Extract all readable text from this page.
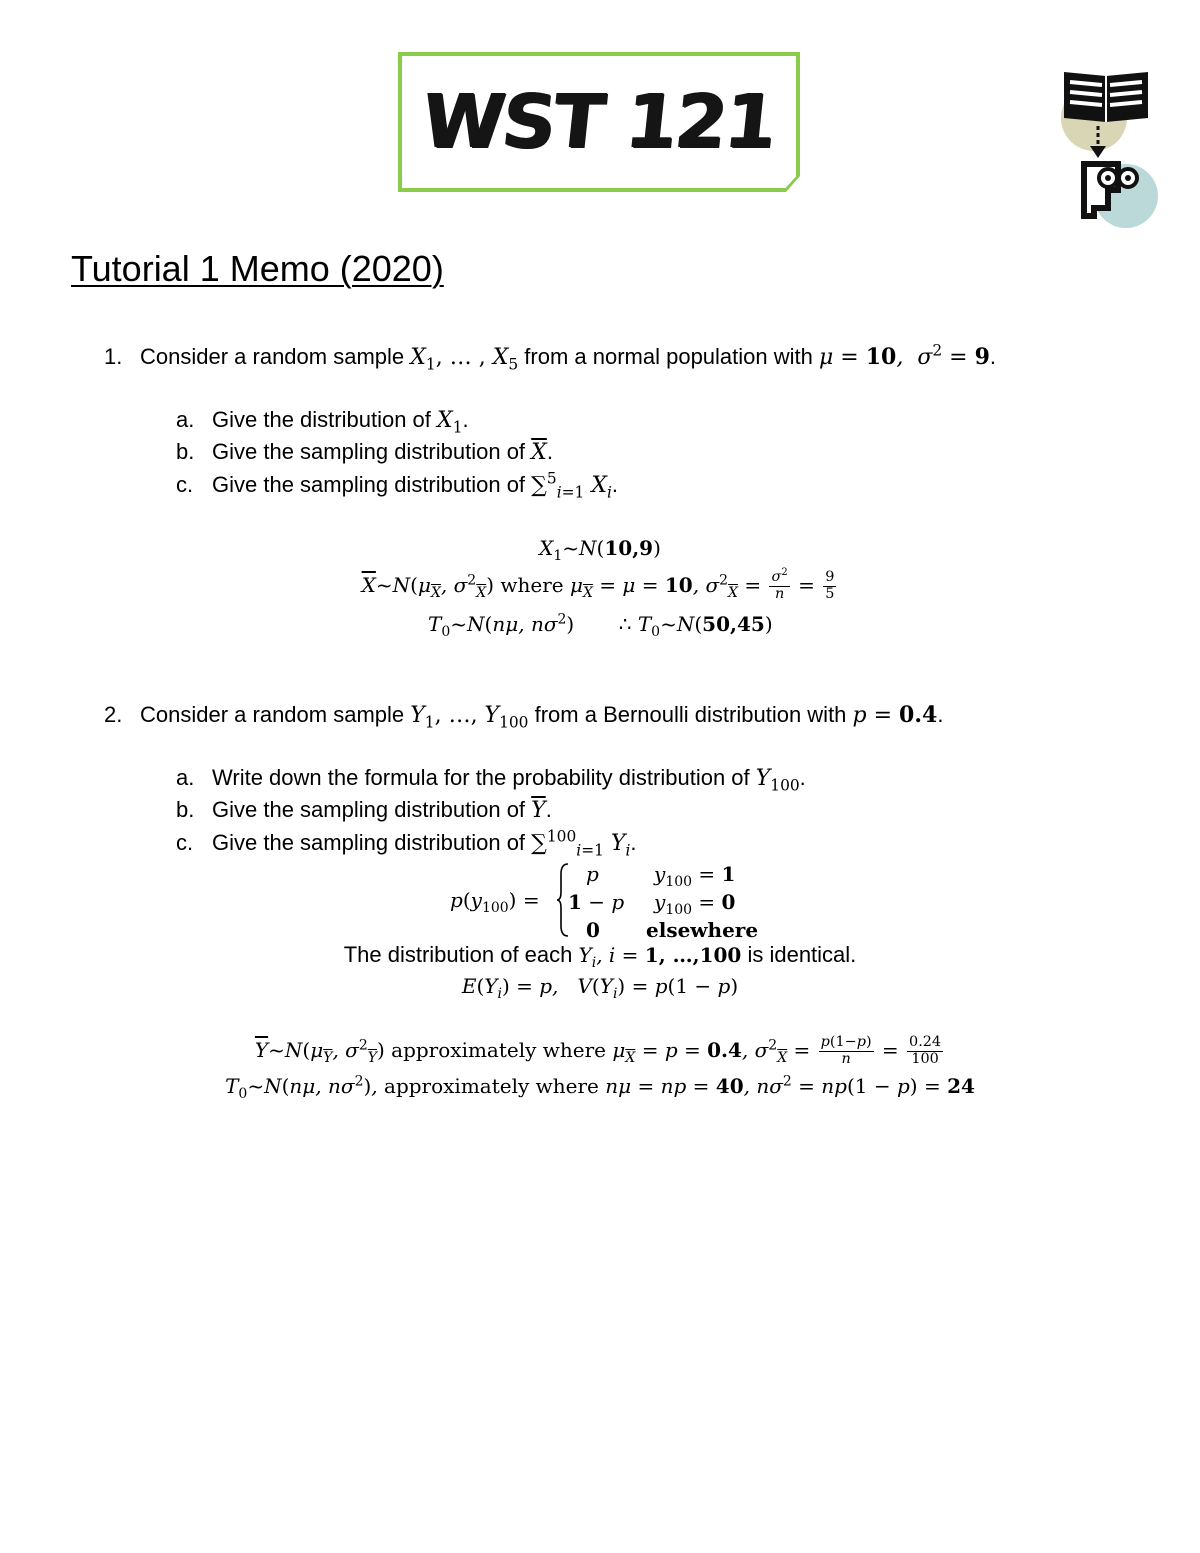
WST 121
Tutorial 1 Memo (2020)
1. Consider a random sample $X_1$, … , $X_5$ from a normal population with μ = 10,  $\sigma^2 = 9$.
a. Give the distribution of $X_1$.
b. Give the sampling distribution of $\overline{X}$.
c. Give the sampling distribution of ∑$^5_{i=1}$ $X_i$.
$X_1\sim N(10,9)$
$\overline{X}\sim N(\mu_{\overline{X}}$, $\sigma^2_{\overline{X}}$) where $\mu_{\overline{X}} = \mu = 10$, $\sigma^2_{\overline{X}} = \frac{\sigma^2}{n} = \frac{9}{5}$
$T_0\sim N(n\mu$, $n\sigma^2$) ∴ $T_0\sim N(50,45)$
2. Consider a random sample $Y_1$, …, $Y_{100}$ from a Bernoulli distribution with p = 0.4.
a. Write down the formula for the probability distribution of $Y_{100}$.
b. Give the sampling distribution of $\overline{Y}$.
c. Give the sampling distribution of ∑$^{100}_{i=1}$ $Y_i$.
$p(y_{100})$ =
p	$y_{100} = 1$
1 − p $y_{100} = 0$
0 elsewhere
The distribution of each $Y_i$, i = 1, …,100 is identical.
$E(Y_i) = p$,   $V(Y_i) = p(1 - p)$
$\overline{Y}\sim N(\mu_{\overline{Y}}$, $\sigma^2_{\overline{Y}}$) approximately where $\mu_{\overline{X}} = p = 0.4$, $\sigma^2_{\overline{X}} = \frac{p(1-p)}{n} = \frac{0.24}{100}$
$T_0\sim N(n\mu$, $n\sigma^2$), approximately where nμ = np = 40, $n\sigma^2 = np(1 - p) = 24$
